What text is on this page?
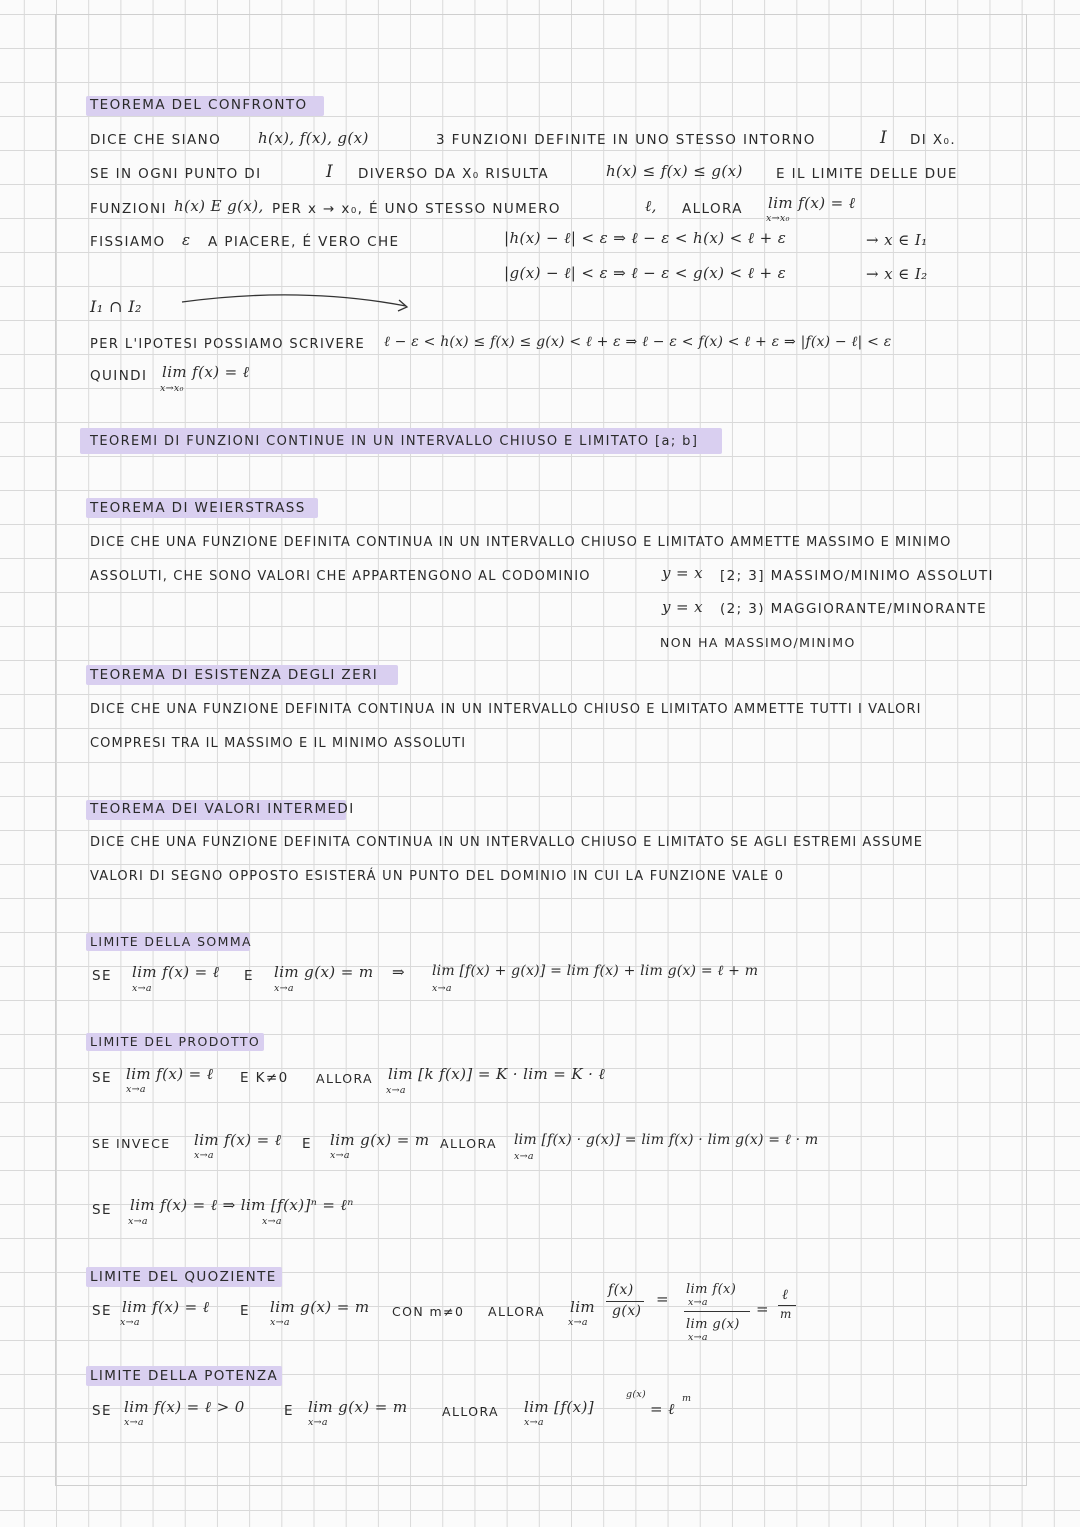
TEOREMA DEL CONFRONTO
DICE CHE SIANO h(x), f(x), g(x)	3 FUNZIONI DEFINITE IN UNO STESSO INTORNO	I DI X₀.
SE IN OGNI PUNTO DI	I DIVERSO DA X₀ RISULTA	h(x) ≤ f(x) ≤ g(x) E IL LIMITE DELLE DUE
FUNZIONI h(x) E g(x), PER x → x₀, É UNO STESSO NUMERO	ℓ, ALLORA lim f(x) = ℓ
x→x₀
FISSIAMO ε A PIACERE, É VERO CHE	|h(x) − ℓ| < ε ⇒ ℓ − ε < h(x) < ℓ + ε	→ x ∈ I₁
|g(x) − ℓ| < ε ⇒ ℓ − ε < g(x) < ℓ + ε	→ x ∈ I₂
I₁ ∩ I₂
PER L'IPOTESI POSSIAMO SCRIVERE ℓ − ε < h(x) ≤ f(x) ≤ g(x) < ℓ + ε ⇒ ℓ − ε < f(x) < ℓ + ε ⇒ |f(x) − ℓ| < ε
QUINDI lim f(x) = ℓ
x→x₀
TEOREMI DI FUNZIONI CONTINUE IN UN INTERVALLO CHIUSO E LIMITATO [a; b]
TEOREMA DI WEIERSTRASS
DICE CHE UNA FUNZIONE DEFINITA CONTINUA IN UN INTERVALLO CHIUSO E LIMITATO AMMETTE MASSIMO E MINIMO
ASSOLUTI, CHE SONO VALORI CHE APPARTENGONO AL CODOMINIO	y = x [2; 3] MASSIMO/MINIMO ASSOLUTI
y = x (2; 3) MAGGIORANTE/MINORANTE
NON HA MASSIMO/MINIMO
TEOREMA DI ESISTENZA DEGLI ZERI
DICE CHE UNA FUNZIONE DEFINITA CONTINUA IN UN INTERVALLO CHIUSO E LIMITATO AMMETTE TUTTI I VALORI
COMPRESI TRA IL MASSIMO E IL MINIMO ASSOLUTI
TEOREMA DEI VALORI INTERMEDI
DICE CHE UNA FUNZIONE DEFINITA CONTINUA IN UN INTERVALLO CHIUSO E LIMITATO SE AGLI ESTREMI ASSUME
VALORI DI SEGNO OPPOSTO ESISTERÁ UN PUNTO DEL DOMINIO IN CUI LA FUNZIONE VALE 0
LIMITE DELLA SOMMA
SE lim f(x) = ℓ
x→a
E lim g(x) = m
x→a
⇒ lim [f(x) + g(x)] = lim f(x) + lim g(x) = ℓ + m
x→a
LIMITE DEL PRODOTTO
SE lim f(x) = ℓ
x→a
E K≠0 ALLORA lim [k f(x)] = K · lim = K · ℓ
x→a
SE INVECE lim f(x) = ℓ
x→a
E lim g(x) = m
x→a
ALLORA lim [f(x) · g(x)] = lim f(x) · lim g(x) = ℓ · m
x→a
SE lim f(x) = ℓ ⇒ lim [f(x)]ⁿ = ℓⁿ
x→a	x→a
LIMITE DEL QUOZIENTE
SE lim f(x) = ℓ
x→a
E lim g(x) = m
x→a
CON m≠0 ALLORA lim
x→a
f(x)
g(x)
=
lim f(x)
x→a
lim g(x)
x→a
=
ℓ
m
LIMITE DELLA POTENZA
SE lim f(x) = ℓ > 0
x→a
E lim g(x) = m
x→a
ALLORA lim [f(x)]
x→a
g(x)
= ℓ
m
